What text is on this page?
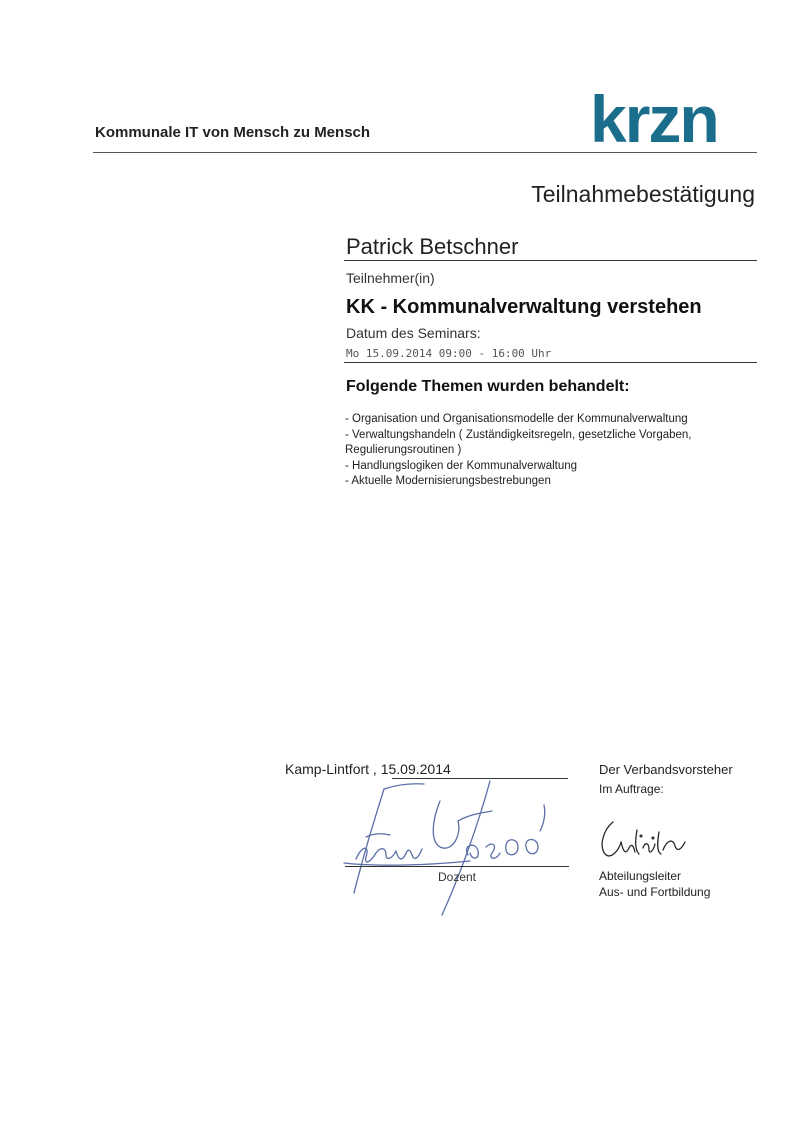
Kommunale IT von Mensch zu Mensch	krzn
Teilnahmebestätigung
Patrick Betschner
Teilnehmer(in)
KK - Kommunalverwaltung verstehen
Datum des Seminars:
Mo 15.09.2014 09:00 - 16:00 Uhr
Folgende Themen wurden behandelt:
- Organisation und Organisationsmodelle der Kommunalverwaltung
- Verwaltungshandeln ( Zuständigkeitsregeln, gesetzliche Vorgaben, Regulierungsroutinen )
- Handlungslogiken der Kommunalverwaltung
- Aktuelle Modernisierungsbestrebungen
Kamp-Lintfort , 15.09.2014
Dozent
Der Verbandsvorsteher
Im Auftrage:
Abteilungsleiter
Aus- und Fortbildung
